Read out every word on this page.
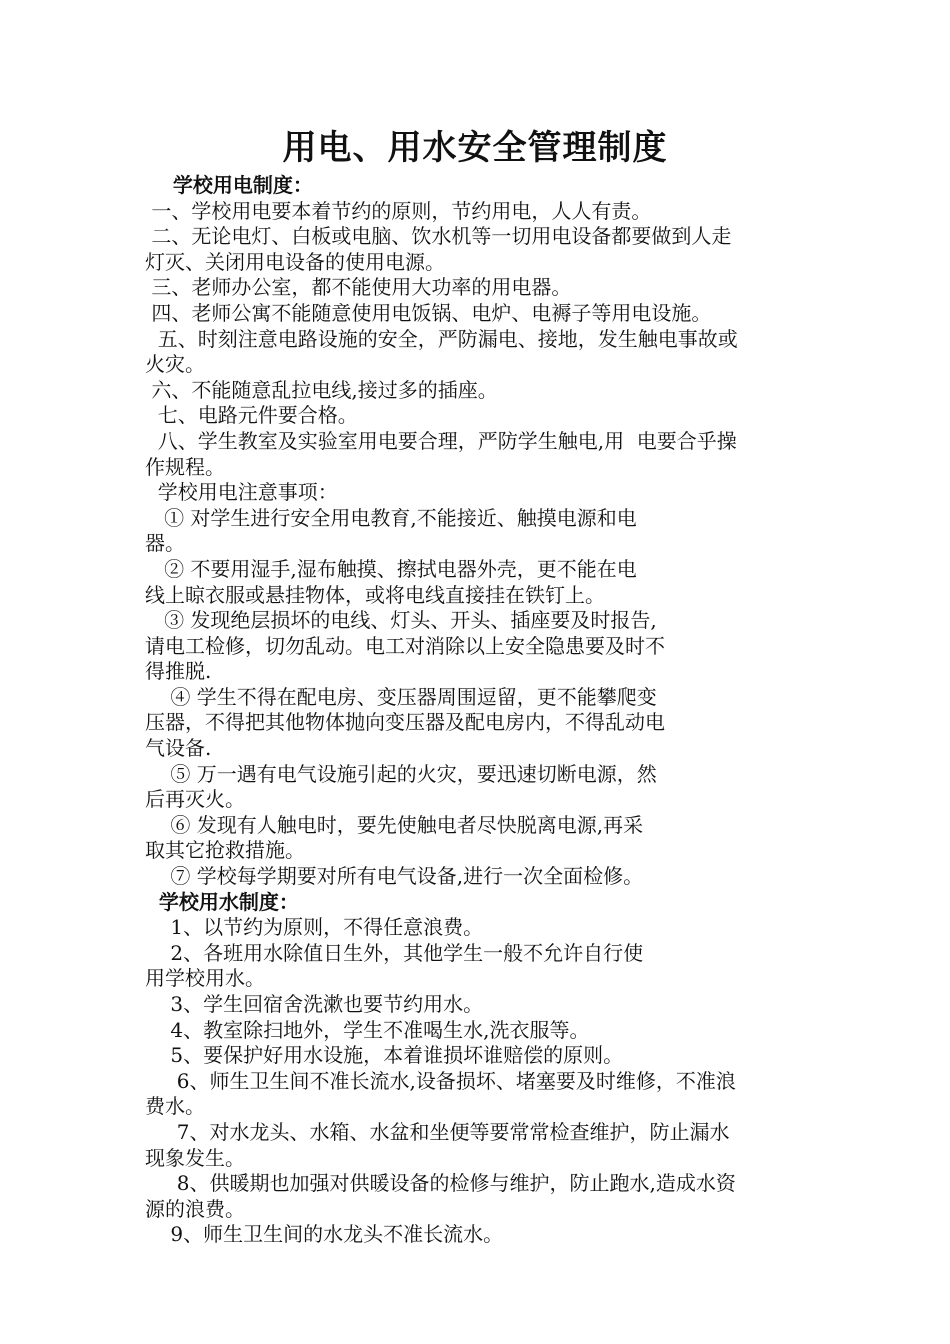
用电、用水安全管理制度
学校用电制度：
一、学校用电要本着节约的原则，节约用电，人人有责。
二、无论电灯、白板或电脑、饮水机等一切用电设备都要做到人走
灯灭、关闭用电设备的使用电源。
三、老师办公室，都不能使用大功率的用电器。
四、老师公寓不能随意使用电饭锅、电炉、电褥子等用电设施。
五、时刻注意电路设施的安全，严防漏电、接地，发生触电事故或
火灾。
六、不能随意乱拉电线,接过多的插座。
七、电路元件要合格。
八、学生教室及实验室用电要合理，严防学生触电,用  电要合乎操
作规程。
学校用电注意事项：
① 对学生进行安全用电教育,不能接近、触摸电源和电
器。
② 不要用湿手,湿布触摸、擦拭电器外壳，更不能在电
线上晾衣服或悬挂物体，或将电线直接挂在铁钉上。
③ 发现绝层损坏的电线、灯头、开头、插座要及时报告,
请电工检修，切勿乱动。电工对消除以上安全隐患要及时不
得推脱.
④ 学生不得在配电房、变压器周围逗留，更不能攀爬变
压器，不得把其他物体抛向变压器及配电房内，不得乱动电
气设备.
⑤ 万一遇有电气设施引起的火灾，要迅速切断电源，然
后再灭火。
⑥ 发现有人触电时，要先使触电者尽快脱离电源,再采
取其它抢救措施。
⑦ 学校每学期要对所有电气设备,进行一次全面检修。
学校用水制度：
1、以节约为原则，不得任意浪费。
2、各班用水除值日生外，其他学生一般不允许自行使
用学校用水。
3、学生回宿舍洗漱也要节约用水。
4、教室除扫地外，学生不准喝生水,洗衣服等。
5、要保护好用水设施，本着谁损坏谁赔偿的原则。
6、师生卫生间不准长流水,设备损坏、堵塞要及时维修，不准浪
费水。
7、对水龙头、水箱、水盆和坐便等要常常检查维护，防止漏水
现象发生。
8、供暖期也加强对供暖设备的检修与维护，防止跑水,造成水资
源的浪费。
9、师生卫生间的水龙头不准长流水。
